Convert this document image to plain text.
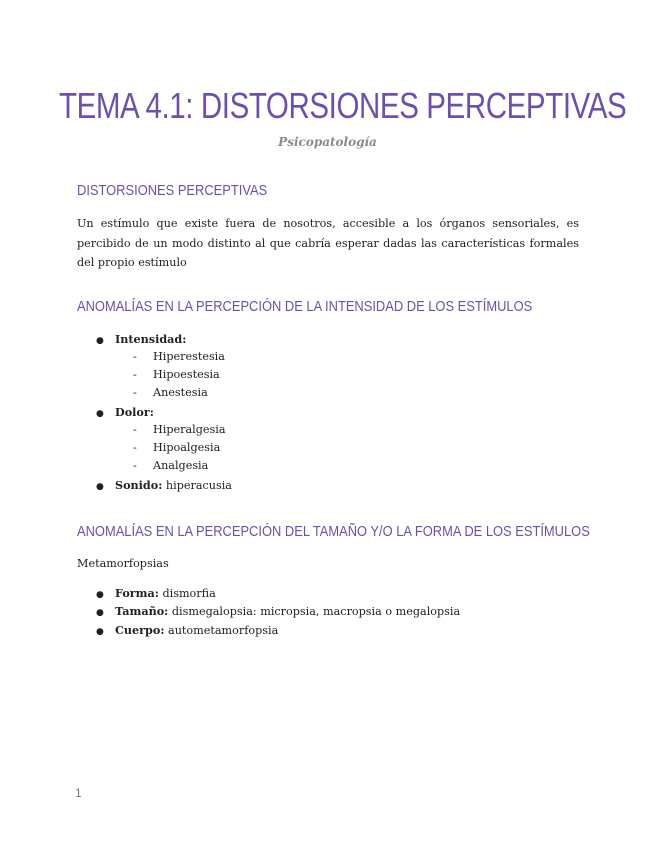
TEMA 4.1: DISTORSIONES PERCEPTIVAS
Psicopatología
DISTORSIONES PERCEPTIVAS
Un estímulo que existe fuera de nosotros, accesible a los órganos sensoriales, es percibido de un modo distinto al que cabría esperar dadas las características formales del propio estímulo
ANOMALÍAS EN LA PERCEPCIÓN DE LA INTENSIDAD DE LOS ESTÍMULOS
● Intensidad:
- Hiperestesia
- Hipoestesia
- Anestesia
● Dolor:
- Hiperalgesia
- Hipoalgesia
- Analgesia
● Sonido: hiperacusia
ANOMALÍAS EN LA PERCEPCIÓN DEL TAMAÑO Y/O LA FORMA DE LOS ESTÍMULOS
Metamorfopsias
● Forma: dismorfia
● Tamaño: dismegalopsia: micropsia, macropsia o megalopsia
● Cuerpo: autometamorfopsia
1
